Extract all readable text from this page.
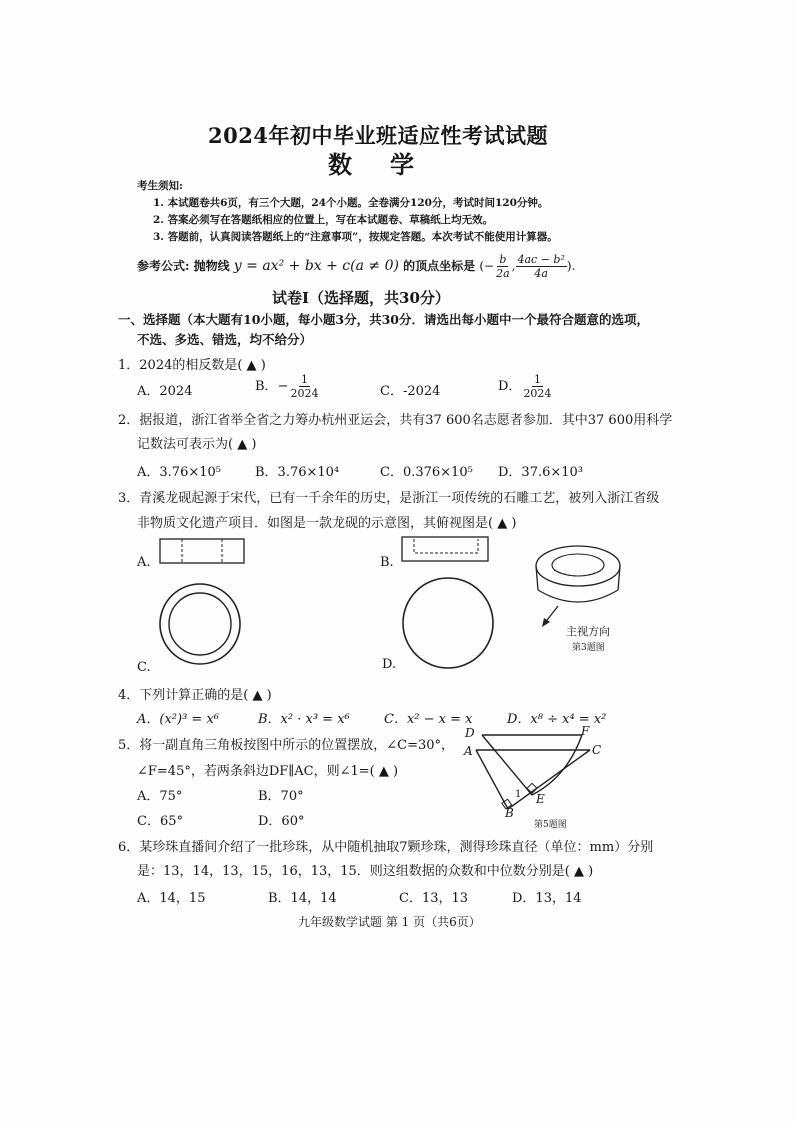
2024年初中毕业班适应性考试试题
数学
考生须知:
1. 本试题卷共6页，有三个大题，24个小题。全卷满分120分，考试时间120分钟。
2. 答案必须写在答题纸相应的位置上，写在本试题卷、草稿纸上均无效。
3. 答题前，认真阅读答题纸上的“注意事项”，按规定答题。本次考试不能使用计算器。
参考公式: 抛物线 y = ax² + bx + c(a ≠ 0) 的顶点坐标是 (− $\frac{b}{2a}$ , $\frac{\text{4ac − b²}}{4a}$ ).
试卷Ⅰ（选择题，共30分）
一、选择题（本大题有10小题，每小题3分，共30分．请选出每小题中一个最符合题意的选项，
不选、多选、错选，均不给分）
1．2024的相反数是( ▲ )
A．2024	B．− $\frac{1}{2024}$	C．-2024	D． $\frac{1}{2024}$
2．据报道，浙江省举全省之力筹办杭州亚运会，共有37 600名志愿者参加．其中37 600用科学
记数法可表示为( ▲ )
A．3.76×10⁵	B．3.76×10⁴	C．0.376×10⁵ D．37.6×10³
3．青溪龙砚起源于宋代，已有一千余年的历史，是浙江一项传统的石雕工艺，被列入浙江省级
非物质文化遗产项目．如图是一款龙砚的示意图，其俯视图是( ▲ )
A.	B.
C.	D.
主视方向
第3题图
4．下列计算正确的是( ▲ )
A．(x²)³ = x⁶	B．x² · x³ = x⁶	C．x² − x = x	D．x⁸ ÷ x⁴ = x²
5．将一副直角三角板按图中所示的位置摆放，∠C=30°，
∠F=45°，若两条斜边DF∥AC，则∠1=( ▲ )
A．75°	B．70°
C．65°	D．60°
D	F
A	C
E
B
1
第5题图
6．某珍珠直播间介绍了一批珍珠，从中随机抽取7颗珍珠，测得珍珠直径（单位：mm）分别
是：13，14，13，15，16，13，15．则这组数据的众数和中位数分别是( ▲ )
A．14，15	B．14，14	C．13，13	D．13，14
九年级数学试题 第 1 页（共6页）
